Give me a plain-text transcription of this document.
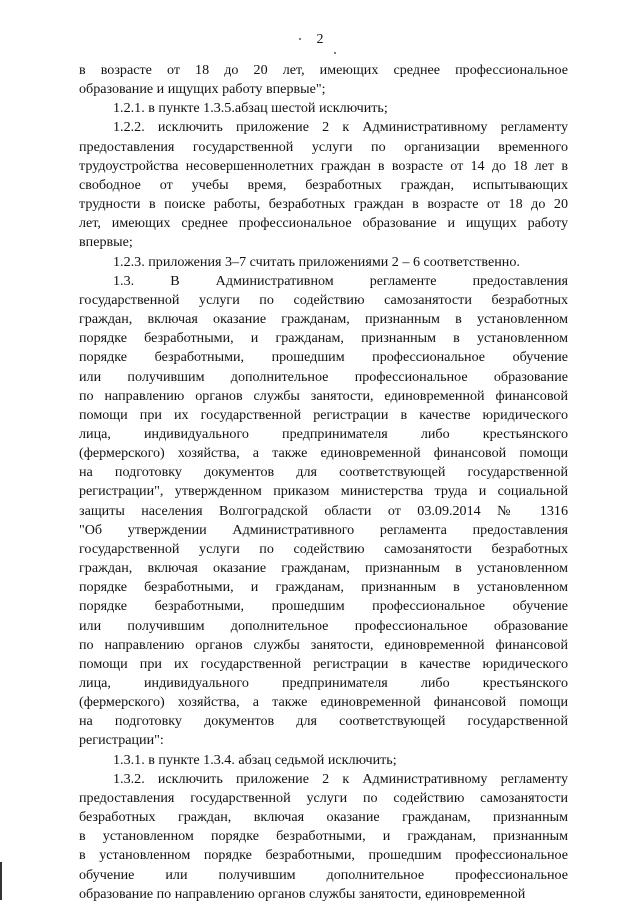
2
в возрасте от 18 до 20 лет, имеющих среднее профессиональное
образование и ищущих работу впервые";
1.2.1. в пункте 1.3.5.абзац шестой исключить;
1.2.2. исключить приложение 2 к Административному регламенту
предоставления государственной услуги по организации временного
трудоустройства несовершеннолетних граждан в возрасте от 14 до 18 лет в
свободное от учебы время, безработных граждан, испытывающих
трудности в поиске работы, безработных граждан в возрасте от 18 до 20
лет, имеющих среднее профессиональное образование и ищущих работу
впервые;
1.2.3. приложения 3–7 считать приложениями 2 – 6 соответственно.
1.3. В Административном регламенте предоставления
государственной услуги по содействию самозанятости безработных
граждан, включая оказание гражданам, признанным в установленном
порядке безработными, и гражданам, признанным в установленном
порядке безработными, прошедшим профессиональное обучение
или получившим дополнительное профессиональное образование
по направлению органов службы занятости, единовременной финансовой
помощи при их государственной регистрации в качестве юридического
лица, индивидуального предпринимателя либо крестьянского
(фермерского) хозяйства, а также единовременной финансовой помощи
на подготовку документов для соответствующей государственной
регистрации", утвержденном приказом министерства труда и социальной
защиты населения Волгоградской области от 03.09.2014 № 1316
"Об утверждении Административного регламента предоставления
государственной услуги по содействию самозанятости безработных
граждан, включая оказание гражданам, признанным в установленном
порядке безработными, и гражданам, признанным в установленном
порядке безработными, прошедшим профессиональное обучение
или получившим дополнительное профессиональное образование
по направлению органов службы занятости, единовременной финансовой
помощи при их государственной регистрации в качестве юридического
лица, индивидуального предпринимателя либо крестьянского
(фермерского) хозяйства, а также единовременной финансовой помощи
на подготовку документов для соответствующей государственной
регистрации":
1.3.1. в пункте 1.3.4. абзац седьмой исключить;
1.3.2. исключить приложение 2 к Административному регламенту
предоставления государственной услуги по содействию самозанятости
безработных граждан, включая оказание гражданам, признанным
в установленном порядке безработными, и гражданам, признанным
в установленном порядке безработными, прошедшим профессиональное
обучение или получившим дополнительное профессиональное
образование по направлению органов службы занятости, единовременной
